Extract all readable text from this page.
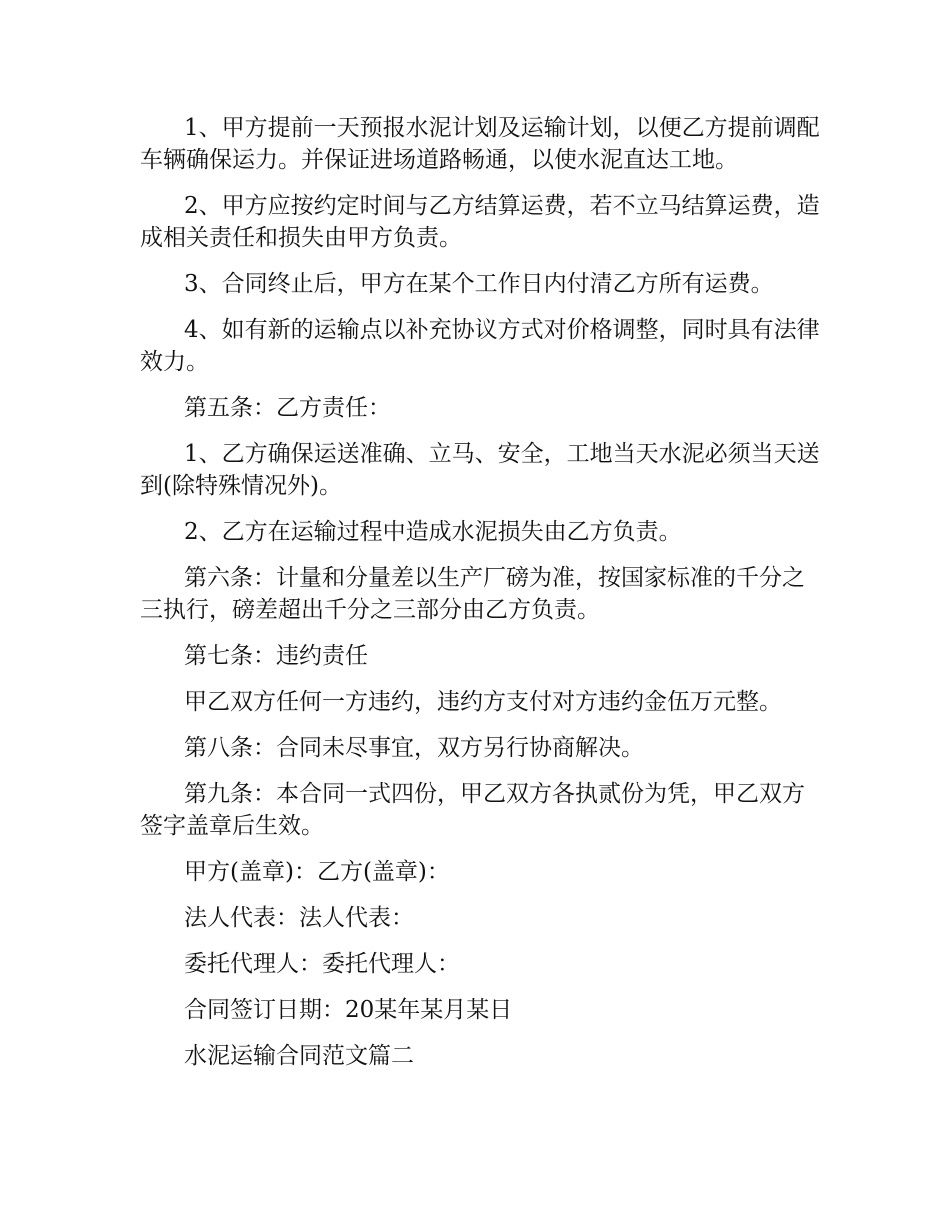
1、甲方提前一天预报水泥计划及运输计划，以便乙方提前调配车辆确保运力。并保证进场道路畅通，以使水泥直达工地。

2、甲方应按约定时间与乙方结算运费，若不立马结算运费，造成相关责任和损失由甲方负责。

3、合同终止后，甲方在某个工作日内付清乙方所有运费。

4、如有新的运输点以补充协议方式对价格调整，同时具有法律效力。

第五条：乙方责任：

1、乙方确保运送准确、立马、安全，工地当天水泥必须当天送到(除特殊情况外)。

2、乙方在运输过程中造成水泥损失由乙方负责。

第六条：计量和分量差以生产厂磅为准，按国家标准的千分之三执行，磅差超出千分之三部分由乙方负责。

第七条：违约责任

甲乙双方任何一方违约，违约方支付对方违约金伍万元整。

第八条：合同未尽事宜，双方另行协商解决。

第九条：本合同一式四份，甲乙双方各执贰份为凭，甲乙双方签字盖章后生效。

甲方(盖章)：乙方(盖章)：

法人代表：法人代表：

委托代理人：委托代理人：

合同签订日期：20某年某月某日

水泥运输合同范文篇二
